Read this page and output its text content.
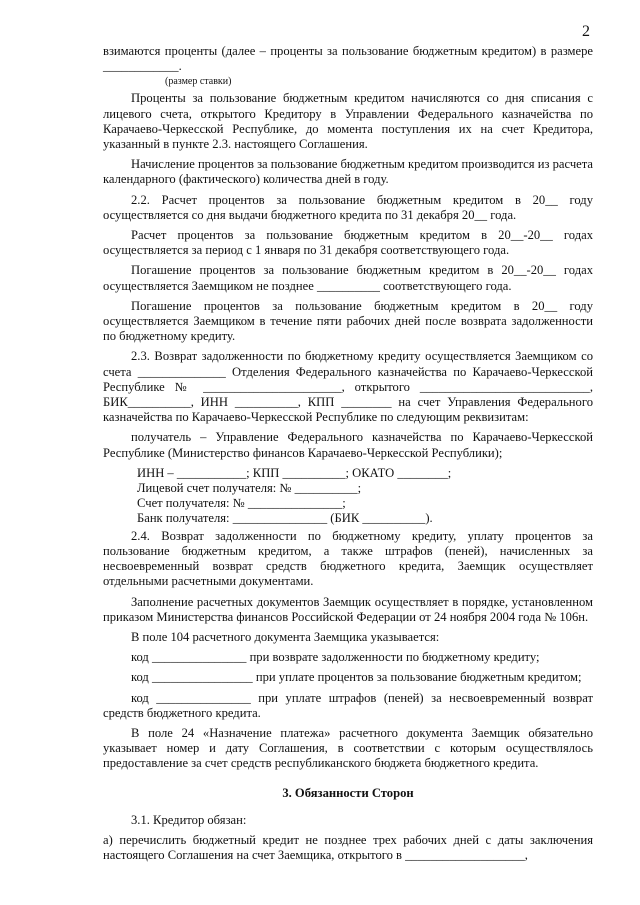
2

взимаются проценты (далее – проценты за пользование бюджетным кредитом) в размере ____________.

(размер ставки)

Проценты за пользование бюджетным кредитом начисляются со дня списания с лицевого счета, открытого Кредитору в Управлении Федерального казначейства по Карачаево-Черкесской Республике, до момента поступления их на счет Кредитора, указанный в пункте 2.3. настоящего Соглашения.

Начисление процентов за пользование бюджетным кредитом производится из расчета календарного (фактического) количества дней в году.

2.2. Расчет процентов за пользование бюджетным кредитом в 20__ году осуществляется со дня выдачи бюджетного кредита по 31 декабря 20__ года.

Расчет процентов за пользование бюджетным кредитом в 20__-20__ годах осуществляется за период с 1 января по 31 декабря соответствующего года.

Погашение процентов за пользование бюджетным кредитом в 20__-20__ годах осуществляется Заемщиком не позднее __________ соответствующего года.

Погашение процентов за пользование бюджетным кредитом в 20__ году осуществляется Заемщиком в течение пяти рабочих дней после возврата задолженности по бюджетному кредиту.

2.3. Возврат задолженности по бюджетному кредиту осуществляется Заемщиком со счета ______________ Отделения Федерального казначейства по Карачаево-Черкесской Республике № ______________________, открытого ___________________________, БИК__________, ИНН __________, КПП ________ на счет Управления Федерального казначейства по Карачаево-Черкесской Республике по следующим реквизитам:

получатель – Управление Федерального казначейства по Карачаево-Черкесской Республике (Министерство финансов Карачаево-Черкесской Республики);

ИНН – ___________; КПП __________; ОКАТО ________;

Лицевой счет получателя: № __________;

Счет получателя: № _______________;

Банк получателя: _______________ (БИК __________).

2.4. Возврат задолженности по бюджетному кредиту, уплату процентов за пользование бюджетным кредитом, а также штрафов (пеней), начисленных за несвоевременный возврат средств бюджетного кредита, Заемщик осуществляет отдельными расчетными документами.

Заполнение расчетных документов Заемщик осуществляет в порядке, установленном приказом Министерства финансов Российской Федерации от 24 ноября 2004 года № 106н.

В поле 104 расчетного документа Заемщика указывается:

код _______________ при возврате задолженности по бюджетному кредиту;

код ________________ при уплате процентов за пользование бюджетным кредитом;

код _______________ при уплате штрафов (пеней) за несвоевременный возврат средств бюджетного кредита.

В поле 24 «Назначение платежа» расчетного документа Заемщик обязательно указывает номер и дату Соглашения, в соответствии с которым осуществлялось предоставление за счет средств республиканского бюджета бюджетного кредита.

3. Обязанности Сторон

3.1. Кредитор обязан:

а) перечислить бюджетный кредит не позднее трех рабочих дней с даты заключения настоящего Соглашения на счет Заемщика, открытого в ___________________,
